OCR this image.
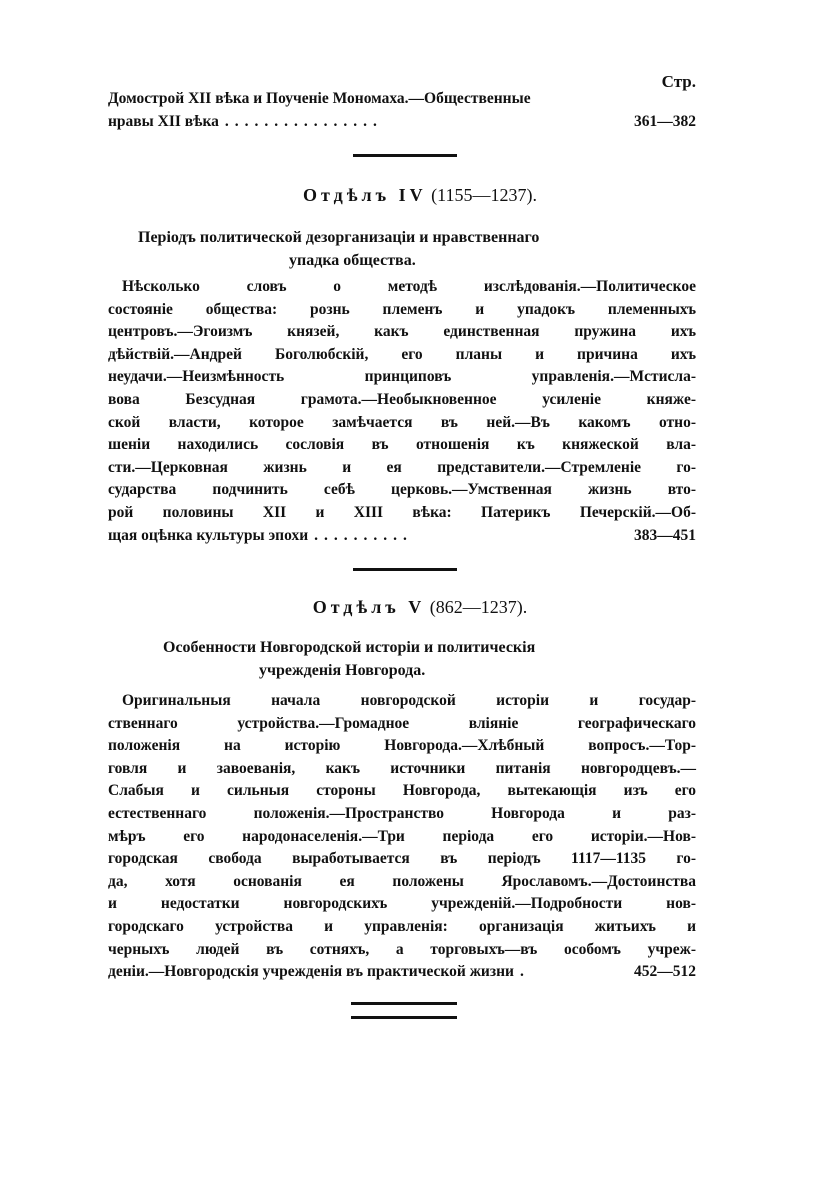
Стр.
Домострой XII вѣка и Поученіе Мономаха.—Общественные
нравы XII вѣка ................	361—382
Отдѣлъ IV (1155—1237).
Періодъ политической дезорганизаціи и нравственнаго
упадка общества.
Нѣсколько словъ о методѣ изслѣдованія.—Политическое
состояніе общества: рознь племенъ и упадокъ племенныхъ
центровъ.—Эгоизмъ князей, какъ единственная пружина ихъ
дѣйствій.—Андрей Боголюбскій, его планы и причина ихъ
неудачи.—Неизмѣнность принциповъ управленія.—Мстисла-
вова Безсудная грамота.—Необыкновенное усиленіе княже-
ской власти, которое замѣчается въ ней.—Въ какомъ отно-
шеніи находились сословія въ отношенія къ княжеской вла-
сти.—Церковная жизнь и ея представители.—Стремленіе го-
сударства подчинить себѣ церковь.—Умственная жизнь вто-
рой половины XII и XIII вѣка: Патерикъ Печерскій.—Об-
щая оцѣнка культуры эпохи ..........	383—451
Отдѣлъ V (862—1237).
Особенности Новгородской исторіи и политическія
учрежденія Новгорода.
Оригинальныя начала новгородской исторіи и государ-
ственнаго устройства.—Громадное вліяніе географическаго
положенія на исторію Новгорода.—Хлѣбный вопросъ.—Тор-
говля и завоеванія, какъ источники питанія новгородцевъ.—
Слабыя и сильныя стороны Новгорода, вытекающія изъ его
естественнаго положенія.—Пространство Новгорода и раз-
мѣръ его народонаселенія.—Три періода его исторіи.—Нов-
городская свобода выработывается въ періодъ 1117—1135 го-
да, хотя основанія ея положены Ярославомъ.—Достоинства
и недостатки новгородскихъ учрежденій.—Подробности нов-
городскаго устройства и управленія: организація житьихъ и
черныхъ людей въ сотняхъ, а торговыхъ—въ особомъ учреж-
деніи.—Новгородскія учрежденія въ практической жизни .	452—512
